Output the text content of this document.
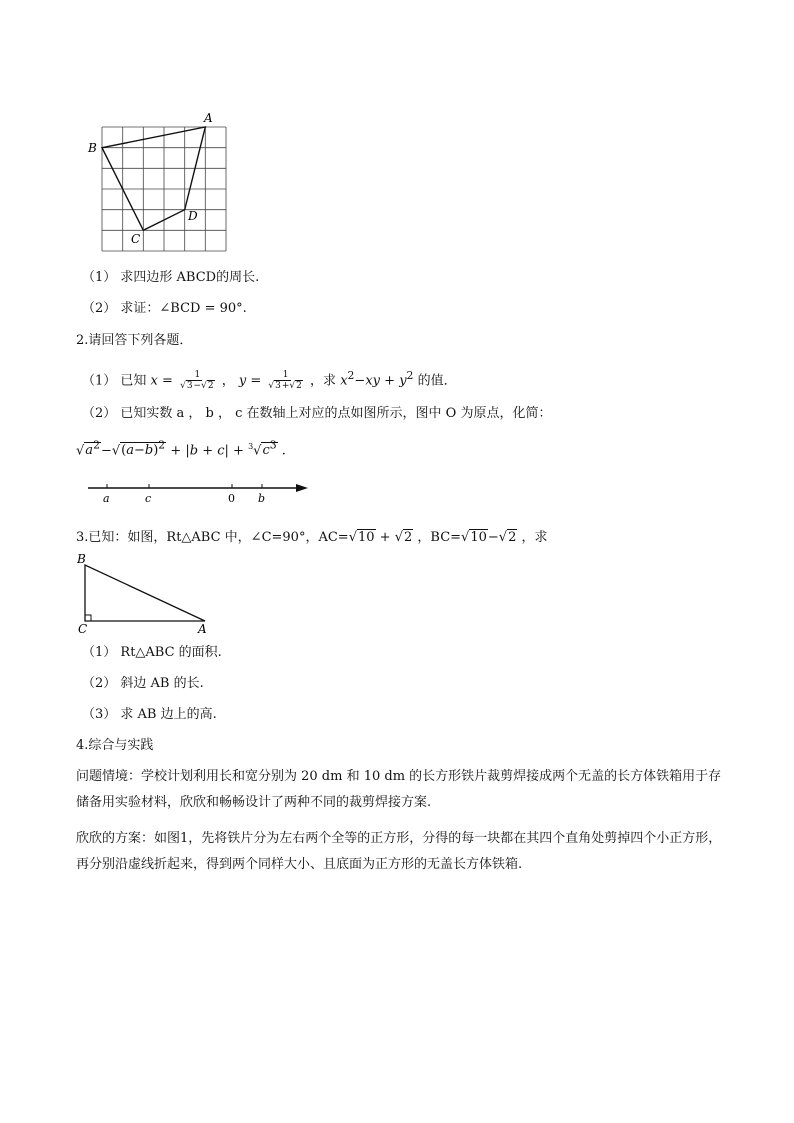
A
B
C
D
（1） 求四边形 ABCD的周长.
（2） 求证：∠BCD = 90°.
2.请回答下列各题．
（1） 已知 $x = \frac{1}{√3-√2}$ ， $y = \frac{1}{√3+√2}$ ，求 $x^2-xy + y^2$ 的值．
（2） 已知实数 a ， b ， c 在数轴上对应的点如图所示，图中 O 为原点，化简：
$√a^2-√(a-b)^2 + |b + c| + ^3√c^3$ .
a	c	0 b
3.已知：如图，Rt△ABC 中，∠C=90°，AC=√10 + √2 ，BC=√10−√2 ，求
B
C	A
（1） Rt△ABC 的面积.
（2） 斜边 AB 的长.
（3） 求 AB 边上的高.
4.综合与实践
问题情境：学校计划利用长和宽分别为 20 dm 和 10 dm 的长方形铁片裁剪焊接成两个无盖的长方体铁箱用于存储备用实验材料，欣欣和畅畅设计了两种不同的裁剪焊接方案.
欣欣的方案：如图1，先将铁片分为左右两个全等的正方形，分得的每一块都在其四个直角处剪掉四个小正方形，再分别沿虚线折起来，得到两个同样大小、且底面为正方形的无盖长方体铁箱.
